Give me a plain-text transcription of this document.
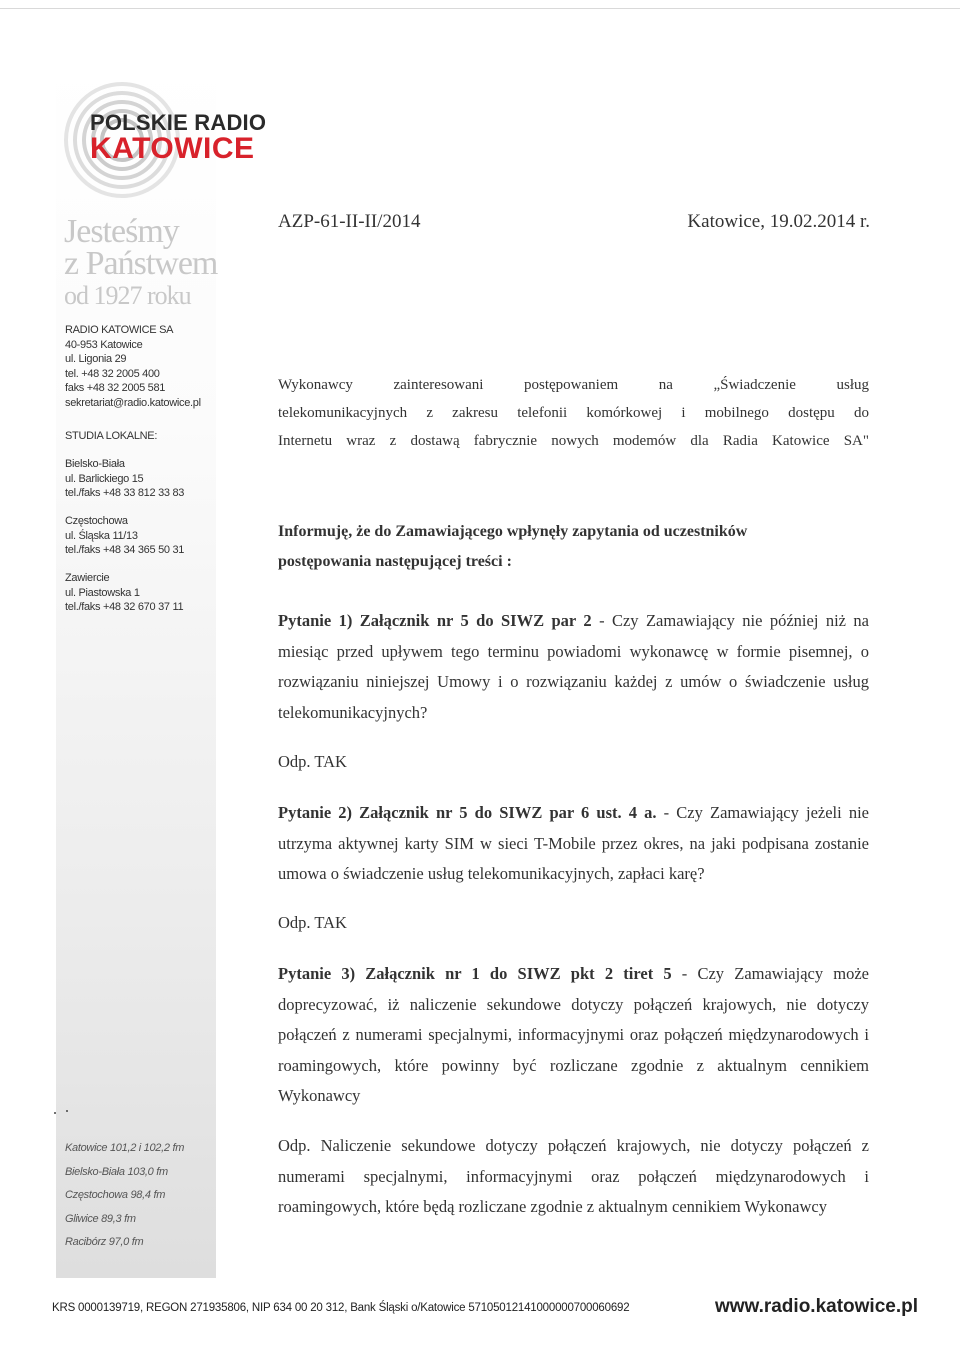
POLSKIE RADIO
KATOWICE
Jesteśmy
z Państwem
od 1927 roku
RADIO KATOWICE SA
40-953 Katowice
ul. Ligonia 29
tel. +48 32 2005 400
faks +48 32 2005 581
sekretariat@radio.katowice.pl
STUDIA LOKALNE:
Bielsko-Biała
ul. Barlickiego 15
tel./faks +48 33 812 33 83
Częstochowa
ul. Śląska 11/13
tel./faks +48 34 365 50 31
Zawiercie
ul. Piastowska 1
tel./faks +48 32 670 37 11
Katowice 101,2 i 102,2 fm
Bielsko-Biała 103,0 fm
Częstochowa 98,4 fm
Gliwice 89,3 fm
Racibórz 97,0 fm
AZP-61-II-II/2014	Katowice, 19.02.2014 r.
Wykonawcy zainteresowani postępowaniem na „Świadczenie usług
telekomunikacyjnych z zakresu telefonii komórkowej i mobilnego dostępu do
Internetu wraz z dostawą fabrycznie nowych modemów dla Radia Katowice SA"
Informuję, że do Zamawiającego wpłynęły zapytania od uczestników
postępowania następującej treści :
Pytanie 1) Załącznik nr 5 do SIWZ par 2 - Czy Zamawiający nie później niż na miesiąc przed upływem tego terminu powiadomi wykonawcę w formie pisemnej, o rozwiązaniu niniejszej Umowy i o rozwiązaniu każdej z umów o świadczenie usług telekomunikacyjnych?
Odp. TAK
Pytanie 2) Załącznik nr 5 do SIWZ par 6 ust. 4 a. - Czy Zamawiający jeżeli nie utrzyma aktywnej karty SIM w sieci T-Mobile przez okres, na jaki podpisana zostanie umowa o świadczenie usług telekomunikacyjnych, zapłaci karę?
Odp. TAK
Pytanie 3) Załącznik nr 1 do SIWZ pkt 2 tiret 5 - Czy Zamawiający może doprecyzować, iż naliczenie sekundowe dotyczy połączeń krajowych, nie dotyczy połączeń z numerami specjalnymi, informacyjnymi oraz połączeń międzynarodowych i roamingowych, które powinny być rozliczane zgodnie z aktualnym cennikiem Wykonawcy
Odp. Naliczenie sekundowe dotyczy połączeń krajowych, nie dotyczy połączeń z numerami specjalnymi, informacyjnymi oraz połączeń międzynarodowych i roamingowych, które będą rozliczane zgodnie z aktualnym cennikiem Wykonawcy
KRS 0000139719, REGON 271935806, NIP 634 00 20 312, Bank Śląski o/Katowice 57105012141000000700060692	www.radio.katowice.pl
